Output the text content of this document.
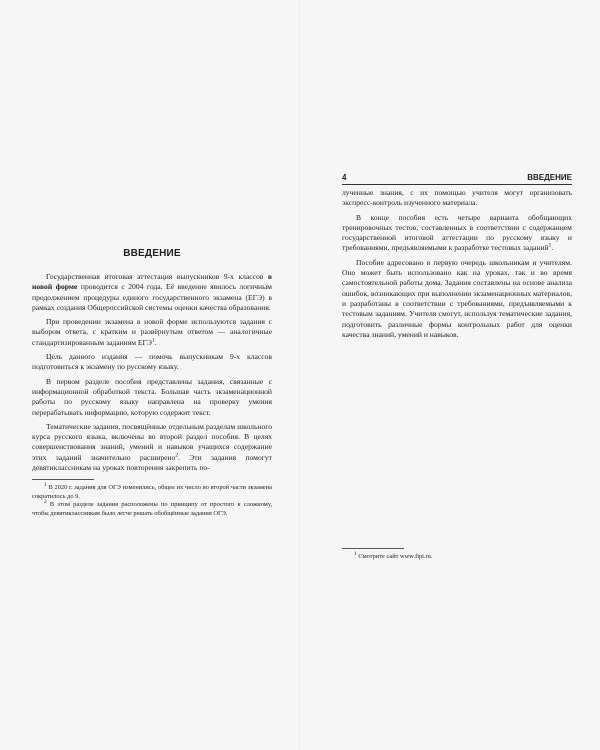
ВВЕДЕНИЕ

Государственная итоговая аттестация выпускников 9-х классов в новой форме проводится с 2004 года. Её введение явилось логичным продолжением процедуры единого государственного экзамена (ЕГЭ) в рамках создания Общероссийской системы оценки качества образования.

При проведении экзамена в новой форме используются задания с выбором ответа, с кратким и развёрнутым ответом — аналогичные стандартизированным заданиям ЕГЭ$^1$.

Цель данного издания — помочь выпускникам 9-х классов подготовиться к экзамену по русскому языку.

В первом разделе пособия представлены задания, связанные с информационной обработкой текста. Большая часть экзаменационной работы по русскому языку направлена на проверку умения перерабатывать информацию, которую содержит текст.

Тематические задания, посвящённые отдельным разделам школьного курса русского языка, включены во второй раздел пособия. В целях совершенствования знаний, умений и навыков учащихся содержание этих заданий значительно расширено$^2$. Эти задания помогут девятиклассникам на уроках повторения закрепить по-

$^1$ В 2020 г. задания для ОГЭ изменились, общее их число во второй части экзамена сократилось до 9.

$^2$ В этом разделе задания расположены по принципу от простого к сложному, чтобы девятиклассникам было легче решать обобщённые задания ОГЭ.

4	ВВЕДЕНИЕ

лученные знания, с их помощью учителя могут организовать экспресс-контроль изученного материала.

В конце пособия есть четыре варианта обобщающих тренировочных тестов, составленных в соответствии с содержанием государственной итоговой аттестации по русскому языку и требованиями, предъявляемыми к разработке тестовых заданий$^1$.

Пособие адресовано в первую очередь школьникам и учителям. Оно может быть использовано как на уроках, так и во время самостоятельной работы дома. Задания составлены на основе анализа ошибок, возникающих при выполнении экзаменационных материалов, и разработаны в соответствии с требованиями, предъявляемыми к тестовым заданиям. Учителя смогут, используя тематические задания, подготовить различные формы контрольных работ для оценки качества знаний, умений и навыков.

$^1$ Смотрите сайт www.fipi.ru.
